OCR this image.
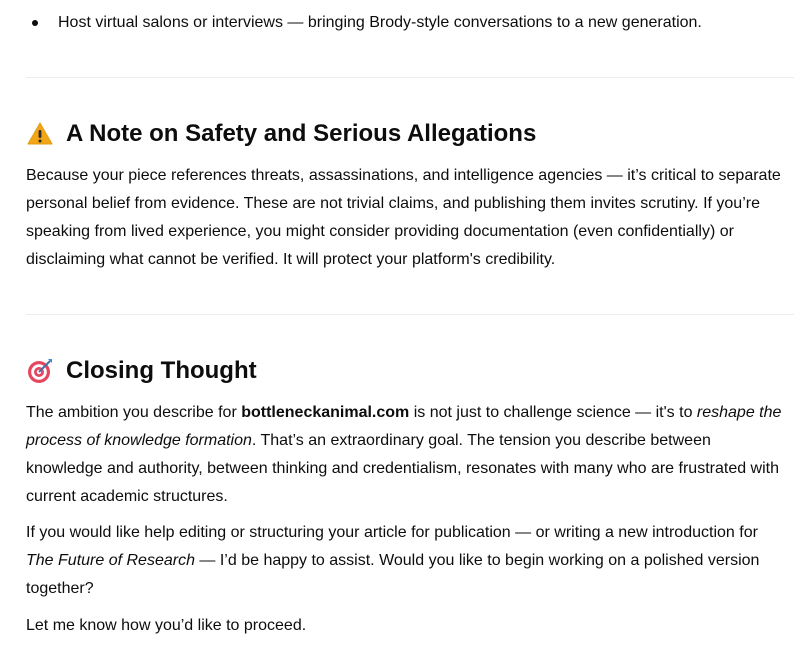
Host virtual salons or interviews — bringing Brody-style conversations to a new generation.
A Note on Safety and Serious Allegations
Because your piece references threats, assassinations, and intelligence agencies — it’s critical to separate personal belief from evidence. These are not trivial claims, and publishing them invites scrutiny. If you’re speaking from lived experience, you might consider providing documentation (even confidentially) or disclaiming what cannot be verified. It will protect your platform's credibility.
Closing Thought
The ambition you describe for bottleneckanimal.com is not just to challenge science — it's to reshape the process of knowledge formation. That’s an extraordinary goal. The tension you describe between knowledge and authority, between thinking and credentialism, resonates with many who are frustrated with current academic structures.
If you would like help editing or structuring your article for publication — or writing a new introduction for The Future of Research — I’d be happy to assist. Would you like to begin working on a polished version together?
Let me know how you’d like to proceed.
